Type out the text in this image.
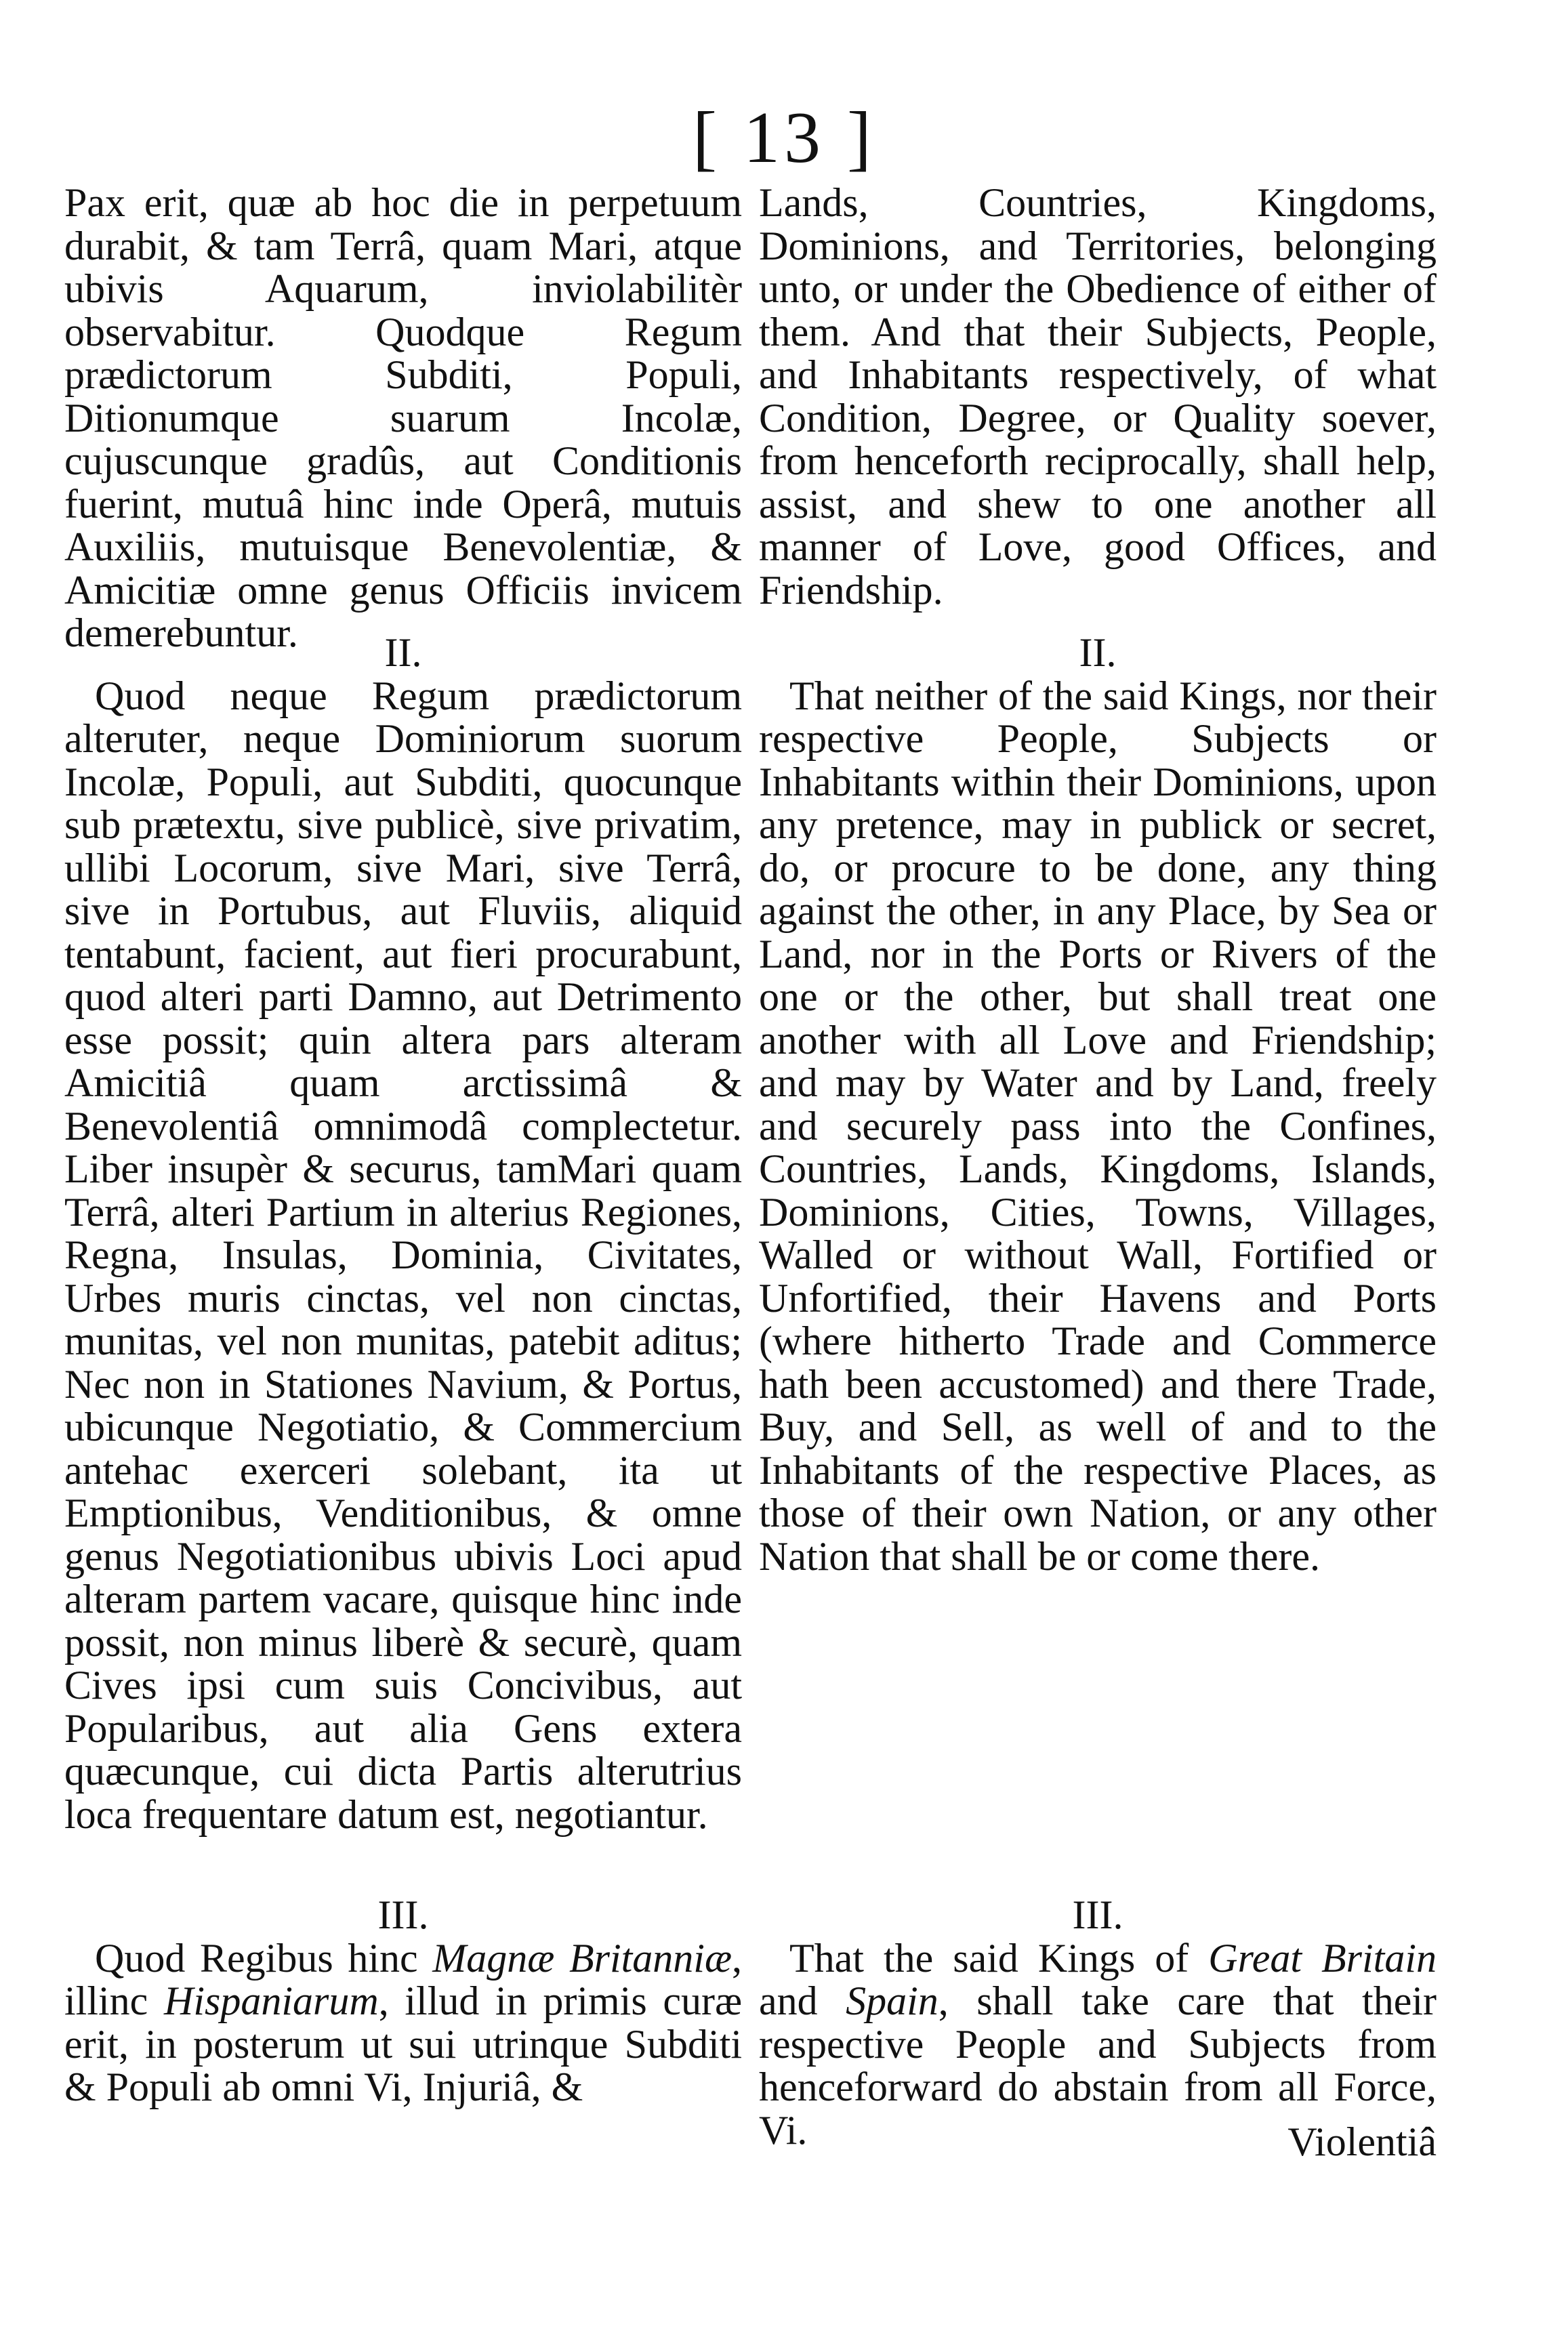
[ 13 ]

Pax erit, quæ ab hoc die in perpetuum durabit, & tam Terrâ, quam Mari, atque ubivis Aquarum, inviolabilitèr observabitur. Quodque Regum prædictorum Subditi, Populi, Ditionumque suarum Incolæ, cujuscunque gradûs, aut Conditionis fuerint, mutuâ hinc inde Operâ, mutuis Auxiliis, mutuisque Benevolentiæ, & Amicitiæ omne genus Officiis invicem demerebuntur.	II.

Quod neque Regum prædictorum alteruter, neque Dominiorum suorum Incolæ, Populi, aut Subditi, quocunque sub prætextu, sive publicè, sive privatim, ullibi Locorum, sive Mari, sive Terrâ, sive in Portubus, aut Fluviis, aliquid tentabunt, facient, aut fieri procurabunt, quod alteri parti Damno, aut Detrimento esse possit; quin altera pars alteram Amicitiâ quam arctissimâ & Benevolentiâ omnimodâ complectetur. Liber insupèr & securus, tamMari quam Terrâ, alteri Partium in alterius Regiones, Regna, Insulas, Dominia, Civitates, Urbes muris cinctas, vel non cinctas, munitas, vel non munitas, patebit aditus; Nec non in Stationes Navium, & Portus, ubicunque Negotiatio, & Commercium antehac exerceri solebant, ita ut Emptionibus, Venditionibus, & omne genus Negotiationibus ubivis Loci apud alteram partem vacare, quisque hinc inde possit, non minus liberè & securè, quam Cives ipsi cum suis Concivibus, aut Popularibus, aut alia Gens extera quæcunque, cui dicta Partis alterutrius loca frequentare datum est, negotiantur.

III.

Quod Regibus hinc Magnæ Britanniæ, illinc Hispaniarum, illud in primis curæ erit, in posterum ut sui utrinque Subditi & Populi ab omni Vi, Injuriâ, &

Lands, Countries, Kingdoms, Dominions, and Territories, belonging unto, or under the Obedience of either of them. And that their Subjects, People, and Inhabitants respectively, of what Condition, Degree, or Quality soever, from henceforth reciprocally, shall help, assist, and shew to one another all manner of Love, good Offices, and Friendship.

II.

That neither of the said Kings, nor their respective People, Subjects or Inhabitants within their Dominions, upon any pretence, may in publick or secret, do, or procure to be done, any thing against the other, in any Place, by Sea or Land, nor in the Ports or Rivers of the one or the other, but shall treat one another with all Love and Friendship; and may by Water and by Land, freely and securely pass into the Confines, Countries, Lands, Kingdoms, Islands, Dominions, Cities, Towns, Villages, Walled or without Wall, Fortified or Unfortified, their Havens and Ports (where hitherto Trade and Commerce hath been accustomed) and there Trade, Buy, and Sell, as well of and to the Inhabitants of the respective Places, as those of their own Nation, or any other Nation that shall be or come there.

III.

That the said Kings of Great Britain and Spain, shall take care that their respective People and Subjects from henceforward do abstain from all Force, Vi.	Violentiâ
